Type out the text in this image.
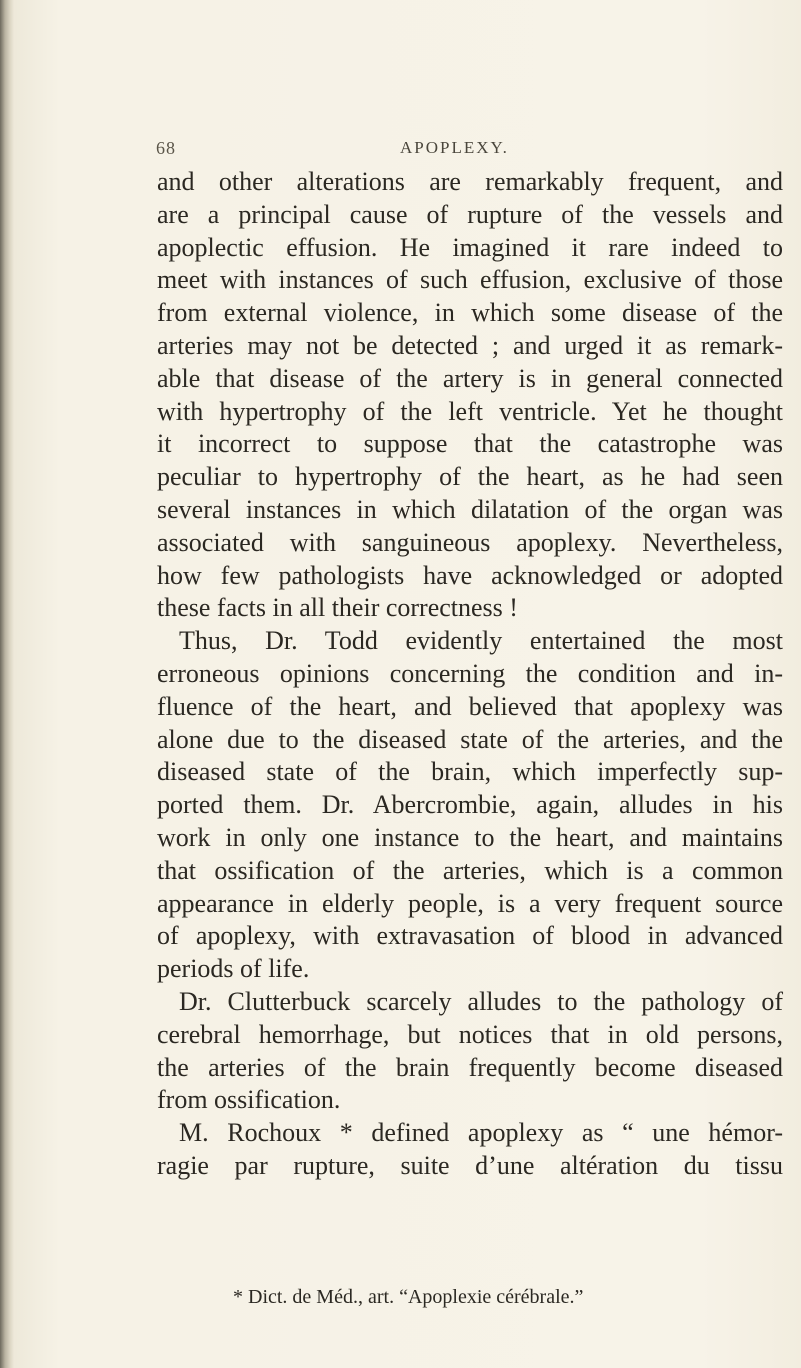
68	APOPLEXY.
and other alterations are remarkably frequent, and
are a principal cause of rupture of the vessels and
apoplectic effusion. He imagined it rare indeed to
meet with instances of such effusion, exclusive of those
from external violence, in which some disease of the
arteries may not be detected ; and urged it as remark-
able that disease of the artery is in general connected
with hypertrophy of the left ventricle. Yet he thought
it incorrect to suppose that the catastrophe was
peculiar to hypertrophy of the heart, as he had seen
several instances in which dilatation of the organ was
associated with sanguineous apoplexy. Nevertheless,
how few pathologists have acknowledged or adopted
these facts in all their correctness !
Thus, Dr. Todd evidently entertained the most
erroneous opinions concerning the condition and in-
fluence of the heart, and believed that apoplexy was
alone due to the diseased state of the arteries, and the
diseased state of the brain, which imperfectly sup-
ported them. Dr. Abercrombie, again, alludes in his
work in only one instance to the heart, and maintains
that ossification of the arteries, which is a common
appearance in elderly people, is a very frequent source
of apoplexy, with extravasation of blood in advanced
periods of life.
Dr. Clutterbuck scarcely alludes to the pathology of
cerebral hemorrhage, but notices that in old persons,
the arteries of the brain frequently become diseased
from ossification.
M. Rochoux * defined apoplexy as “ une hémor-
ragie par rupture, suite d’une altération du tissu
* Dict. de Méd., art. “Apoplexie cérébrale.”
